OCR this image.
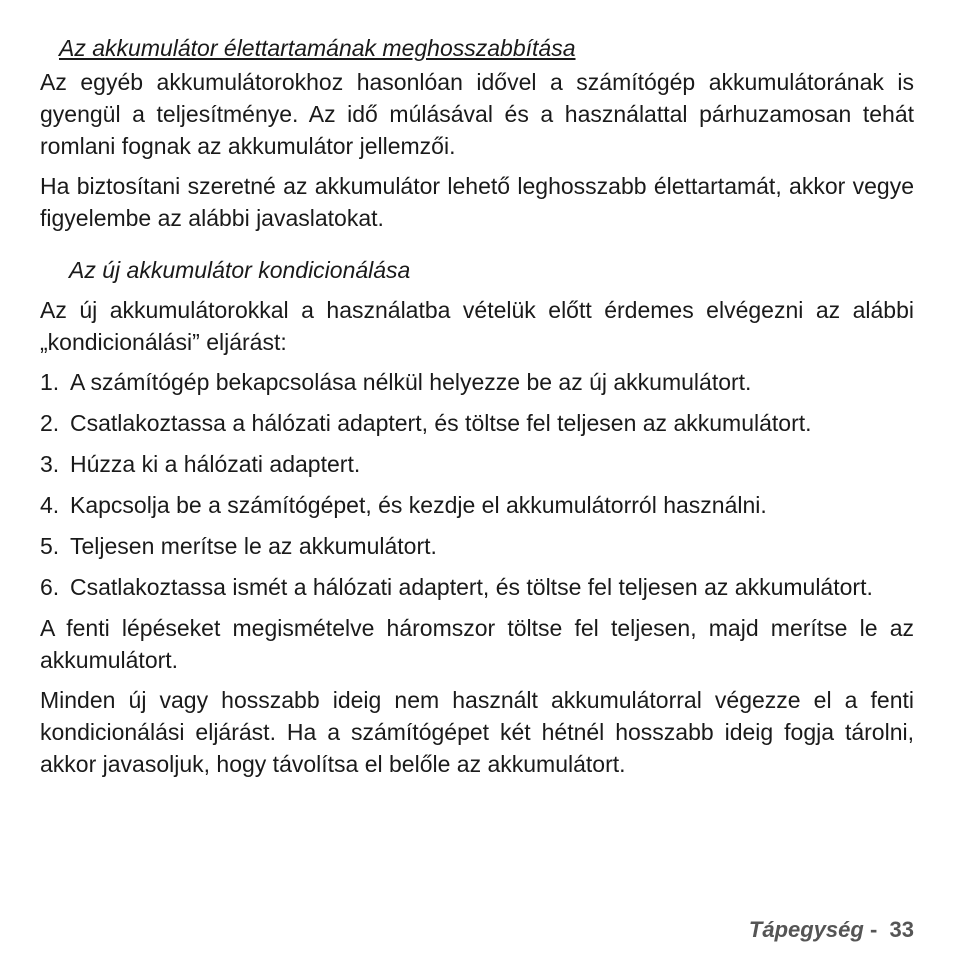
Az akkumulátor élettartamának meghosszabbítása

Az egyéb akkumulátorokhoz hasonlóan idővel a számítógép akkumulátorának is gyengül a teljesítménye. Az idő múlásával és a használattal párhuzamosan tehát romlani fognak az akkumulátor jellemzői.

Ha biztosítani szeretné az akkumulátor lehető leghosszabb élettartamát, akkor vegye figyelembe az alábbi javaslatokat.

Az új akkumulátor kondicionálása

Az új akkumulátorokkal a használatba vételük előtt érdemes elvégezni az alábbi „kondicionálási” eljárást:

1. A számítógép bekapcsolása nélkül helyezze be az új akkumulátort.
2. Csatlakoztassa a hálózati adaptert, és töltse fel teljesen az akkumulátort.
3. Húzza ki a hálózati adaptert.
4. Kapcsolja be a számítógépet, és kezdje el akkumulátorról használni.
5. Teljesen merítse le az akkumulátort.
6. Csatlakoztassa ismét a hálózati adaptert, és töltse fel teljesen az akkumulátort.

A fenti lépéseket megismételve háromszor töltse fel teljesen, majd merítse le az akkumulátort.

Minden új vagy hosszabb ideig nem használt akkumulátorral végezze el a fenti kondicionálási eljárást. Ha a számítógépet két hétnél hosszabb ideig fogja tárolni, akkor javasoljuk, hogy távolítsa el belőle az akkumulátort.

Tápegység -  33
